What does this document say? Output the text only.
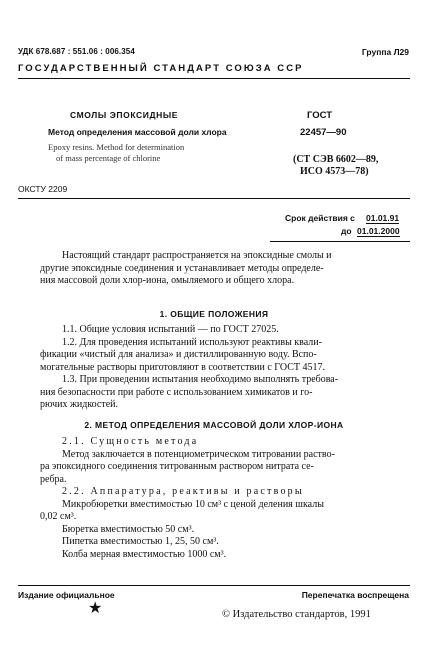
УДК 678.687 : 551.06 : 006.354	Группа Л29
ГОСУДАРСТВЕННЫЙ СТАНДАРТ СОЮЗА ССР
СМОЛЫ ЭПОКСИДНЫЕ
Метод определения массовой доли хлора
Epoxy resins. Method for determination
of mass percentage of chlorine
ГОСТ
22457—90
(СТ СЭВ 6602—89,
ИСО 4573—78)
ОКСТУ 2209
Срок действия с 01.01.91
до 01.01.2000
Настоящий стандарт распространяется на эпоксидные смолы и
другие эпоксидные соединения и устанавливает методы определе-
ния массовой доли хлор-иона, омыляемого и общего хлора.
1. ОБЩИЕ ПОЛОЖЕНИЯ
1.1. Общие условия испытаний — по ГОСТ 27025.
1.2. Для проведения испытаний используют реактивы квали-
фикации «чистый для анализа» и дистиллированную воду. Вспо-
могательные растворы приготовляют в соответствии с ГОСТ 4517.
1.3. При проведении испытания необходимо выполнять требова-
ния безопасности при работе с использованием химикатов и го-
рючих жидкостей.
2. МЕТОД ОПРЕДЕЛЕНИЯ МАССОВОЙ ДОЛИ ХЛОР-ИОНА
2.1. Сущность метода
Метод заключается в потенциометрическом титровании раство-
ра эпоксидного соединения титрованным раствором нитрата се-
ребра.
2.2. Аппаратура, реактивы и растворы
Микробюретки вместимостью 10 см³ с ценой деления шкалы
0,02 см³.
Бюретка вместимостью 50 см³.
Пипетка вместимостью 1, 25, 50 см³.
Колба мерная вместимостью 1000 см³.
Издание официальное	Перепечатка воспрещена
★	© Издательство стандартов, 1991
